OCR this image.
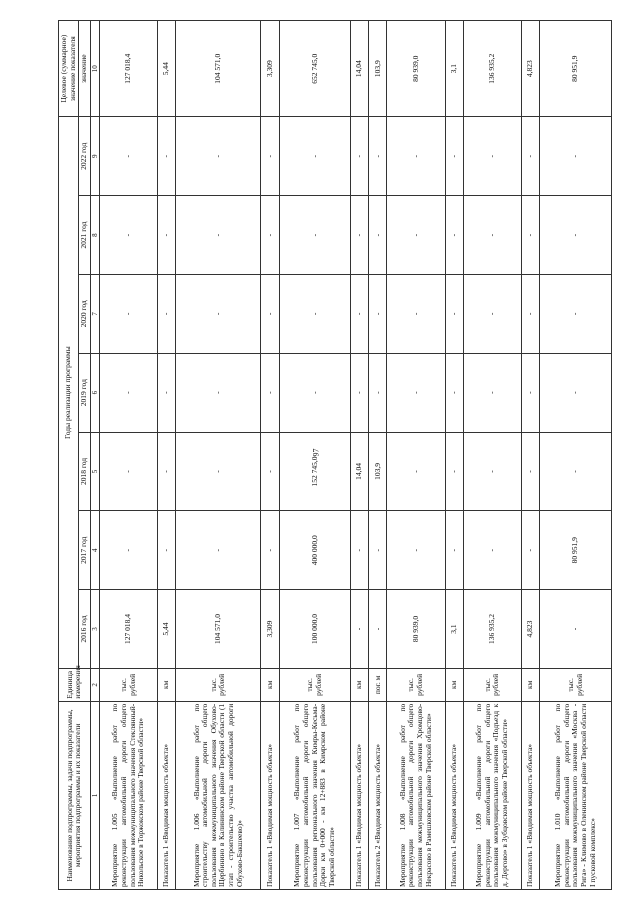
97
Наименование подпрограммы, задачи подпрограммы, мероприятия подпрограммы и их показатели	Единица измерения	Годы реализации программы							Целевое (суммарное) значение показателя
		2016 год	2017 год	2018 год	2019 год	2020 год	2021 год	2022 год	значение
1	2	3	4	5	6	7	8	9	10
Мероприятие 1.005 «Выполнение работ по реконструкции автомобильной дороги общего пользования межмуниципального значения Стеклянный-Никольское в Торжокском районе Тверской области»	тыс. рублей	127 018,4	-	-	-	-	-	-	127 018,4
Показатель 1 «Вводимая мощность объекта»	км	5,44	-	-	-	-	-	-	5,44
Мероприятие 1.006 «Выполнение работ по строительству автомобильной дороги общего пользования межмуниципального значения Обухово-Щербинино в Калининском районе Тверской области (1 этап - строительство участка автомобильной дороги Обухово-Бакшеево)»	тыс. рублей	104 571,0	-	-	-	-	-	-	104 571,0
Показатель 1 «Вводимая мощность объекта»	км	3,309	-	-	-	-	-	-	3,309
Мероприятие 1.007 «Выполнение работ по реконструкции автомобильной дороги общего пользования регионального значения Кимры-Кесьма-Дорки км 0+000 - км 12+883 в Кимрском районе Тверской области»	тыс. рублей	100 000,0	400 000,0	152 745,0	-	-	-	-	652 745,0
Показатель 1 «Вводимая мощность объекта»	км	-	-	14,04	-	-	-	-	14,04
Показатель 2 «Вводимая мощность объекта»	пог. м	-	-	103,9	-	-	-	-	103,9
Мероприятие 1.008 «Выполнение работ по реконструкции автомобильной дороги общего пользования межмуниципального значения Хромцово-Некрасово в Рамешковском районе Тверской области»	тыс. рублей	80 939,0	-	-	-	-	-	-	80 939,0
Показатель 1 «Вводимая мощность объекта»	км	3,1	-	-	-	-	-	-	3,1
Мероприятие 1.009 «Выполнение работ по реконструкции автомобильной дороги общего пользования межмуниципального значения «Подъезд к д. Дергово» в Зубцовском районе Тверской области»	тыс. рублей	136 935,2	-	-	-	-	-	-	136 935,2
Показатель 1 «Вводимая мощность объекта»	км	4,823	-	-	-	-	-	-	4,823
Мероприятие 1.010 «Выполнение работ по реконструкции автомобильной дороги общего пользования межмуниципального значения «Москва - Рига» - Климово в Оленинском районе Тверской области I пусковой комплекс»	тыс. рублей	-	80 951,9	-	-	-	-	-	80 951,9
